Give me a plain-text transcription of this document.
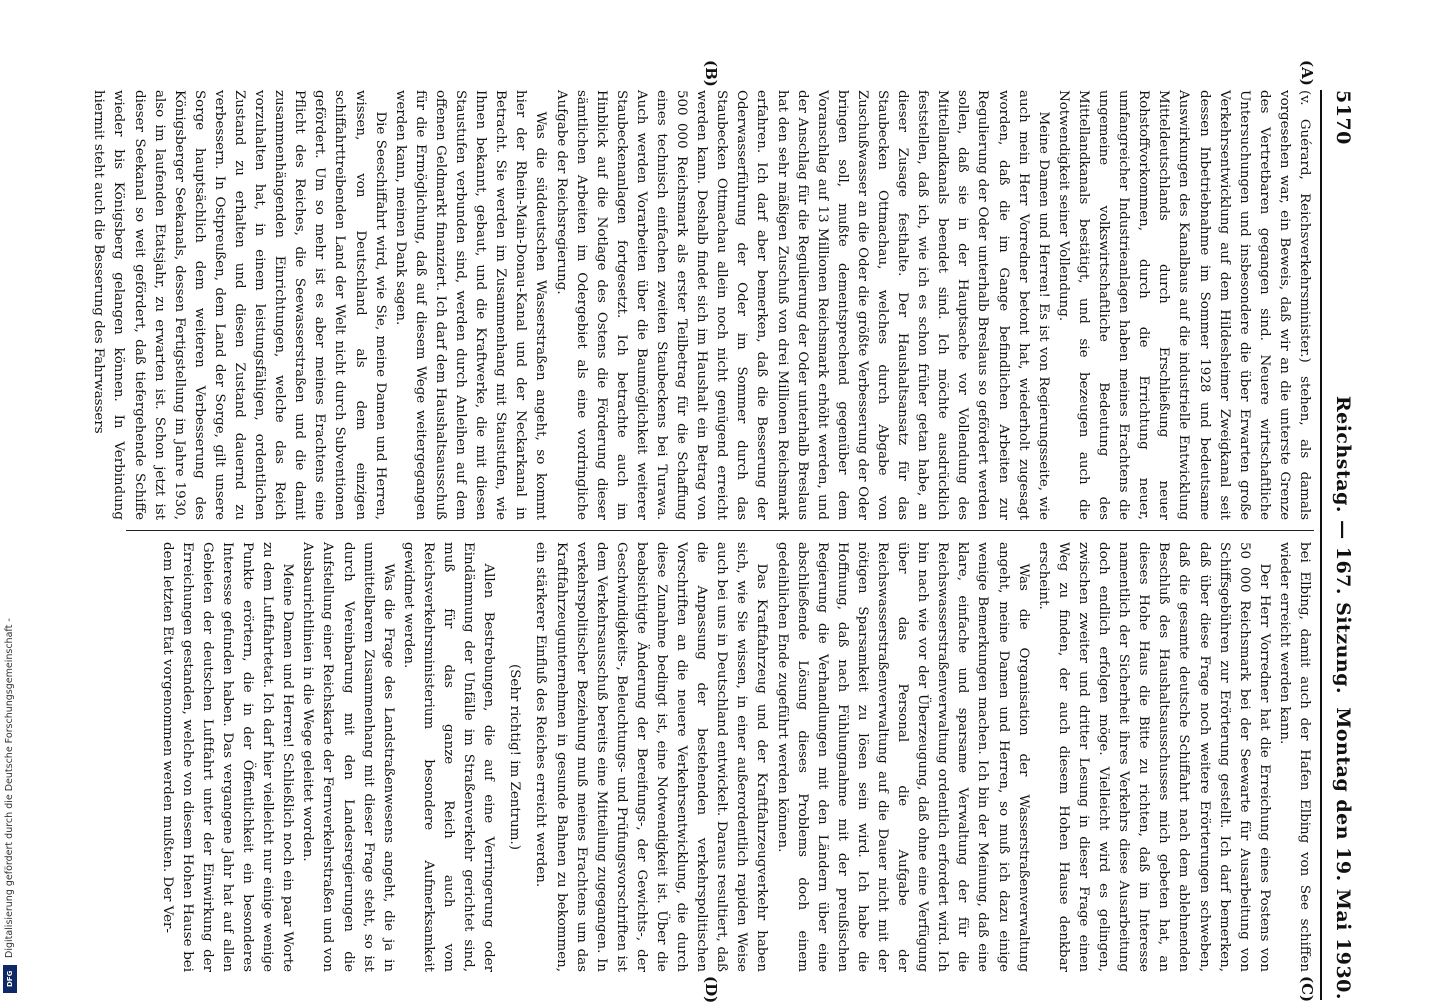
Digitalisierung gefördert durch die Deutsche Forschungsgemeinschaft -
DFG
5170
Reichstag. — 167. Sitzung.
Montag den 19. Mai 1930.

(v. Guérard, Reichsverkehrsminister.) stehen, als damals vorgesehen war, ein Beweis, daß wir an die unterste Grenze des Vertretbaren gegangen sind. Neuere wirtschaftliche Untersuchungen und insbesondere die über Erwarten große Verkehrsentwicklung auf dem Hildesheimer Zweigkanal seit dessen Inbetriebnahme im Sommer 1928 und bedeutsame Auswirkungen des Kanalbaus auf die industrielle Entwicklung Mitteldeutschlands durch Erschließung neuer Rohstoffvorkommen, durch die Errichtung neuer, umfangreicher Industrieanlagen haben meines Erachtens die ungemeine volkswirtschaftliche Bedeutung des Mittellandkanals bestätigt, und sie bezeugen auch die Notwendigkeit seiner Vollendung.

Meine Damen und Herren! Es ist von Regierungsseite, wie auch mein Herr Vorredner betont hat, wiederholt zugesagt worden, daß die im Gange befindlichen Arbeiten zur Regulierung der Oder unterhalb Breslaus so gefördert werden sollen, daß sie in der Hauptsache vor Vollendung des Mittellandkanals beendet sind. Ich möchte ausdrücklich feststellen, daß ich, wie ich es schon früher getan habe, an dieser Zusage festhalte. Der Haushaltsansatz für das Staubecken Ottmachau, welches durch Abgabe von Zuschußwasser an die Oder die größte Verbesserung der Oder bringen soll, mußte dementsprechend gegenüber dem Voranschlag auf 13 Millionen Reichsmark erhöht werden, und der Anschlag für die Regulierung der Oder unterhalb Breslaus hat den sehr mäßigen Zuschuß von drei Millionen Reichsmark erfahren. Ich darf aber bemerken, daß die Besserung der Oderwasserführung der Oder im Sommer durch das Staubecken Ottmachau allein noch nicht genügend erreicht werden kann. Deshalb findet sich im Haushalt ein Betrag von 500 000 Reichsmark als erster Teilbetrag für die Schaffung eines technisch einfachen zweiten Staubeckens bei Turawa. Auch werden Vorarbeiten über die Baumöglichkeit weiterer Staubeckenanlagen fortgesetzt. Ich betrachte auch im Hinblick auf die Notlage des Ostens die Förderung dieser sämtlichen Arbeiten im Odergebiet als eine vordringliche Aufgabe der Reichsregierung.

Was die süddeutschen Wasserstraßen angeht, so kommt hier der Rhein-Main-Donau-Kanal und der Neckarkanal in Betracht. Sie werden im Zusammenhang mit Staustufen, wie Ihnen bekannt, gebaut, und die Kraftwerke, die mit diesen Staustufen verbunden sind, werden durch Anleihen auf dem offenen Geldmarkt finanziert. Ich darf dem Haushaltsausschuß für die Ermöglichung, daß auf diesem Wege weitergegangen werden kann, meinen Dank sagen.

Die Seeschiffahrt wird, wie Sie, meine Damen und Herren, wissen, von Deutschland als dem einzigen schiffahrttreibenden Land der Welt nicht durch Subventionen gefördert. Um so mehr ist es aber meines Erachtens eine Pflicht des Reiches, die Seewasserstraßen und die damit zusammenhängenden Einrichtungen, welche das Reich vorzuhalten hat, in einem leistungsfähigen, ordentlichen Zustand zu erhalten und diesen Zustand dauernd zu verbessern. In Ostpreußen, dem Land der Sorge, gilt unsere Sorge hauptsächlich dem weiteren Verbesserung des Königsberger Seekanals, dessen Fertigstellung im Jahre 1930, also im laufenden Etatsjahr, zu erwarten ist. Schon jetzt ist dieser Seekanal so weit gefördert, daß tiefergehende Schiffe wieder bis Königsberg gelangen können. In Verbindung hiermit steht auch die Besserung des Fahrwassers

bei Elbing, damit auch der Hafen Elbing von See schiffen wieder erreicht werden kann.

Der Herr Vorredner hat die Erreichung eines Postens von 50 000 Reichsmark bei der Seewarte für Ausarbeitung von Schiffsgebühren zur Erörterung gestellt. Ich darf bemerken, daß über diese Frage noch weitere Erörterungen schweben, daß die gesamte deutsche Schiffahrt nach dem ablehnenden Beschluß des Haushaltsausschusses mich gebeten hat, an dieses Hohe Haus die Bitte zu richten, daß im Interesse namentlich der Sicherheit ihres Verkehrs diese Ausarbeitung doch endlich erfolgen möge. Vielleicht wird es gelingen, zwischen zweiter und dritter Lesung in dieser Frage einen Weg zu finden, der auch diesem Hohen Hause denkbar erscheint.

Was die Organisation der Wasserstraßenverwaltung angeht, meine Damen und Herren, so muß ich dazu einige wenige Bemerkungen machen. Ich bin der Meinung, daß eine klare, einfache und sparsame Verwaltung der für die Reichswasserstraßenverwaltung ordentlich erfordert wird. Ich bin nach wie vor der Überzeugung, daß ohne eine Verfügung über das Personal die Aufgabe der Reichswasserstraßenverwaltung auf die Dauer nicht mit der nötigen Sparsamkeit zu lösen sein wird. Ich habe die Hoffnung, daß nach Fühlungnahme mit der preußischen Regierung die Verhandlungen mit den Ländern über eine abschließende Lösung dieses Problems doch einem gedeihlichen Ende zugeführt werden können.

Das Kraftfahrzeug und der Kraftfahrzeugverkehr haben sich, wie Sie wissen, in einer außerordentlich rapiden Weise auch bei uns in Deutschland entwickelt. Daraus resultiert, daß die Anpassung der bestehenden verkehrspolitischen Vorschriften an die neuere Verkehrsentwicklung, die durch diese Zunahme bedingt ist, eine Notwendigkeit ist. Über die beabsichtigte Änderung der Bereifungs-, der Gewichts-, der Geschwindigkeits-, Beleuchtungs- und Prüfungsvorschriften ist dem Verkehrsausschuß bereits eine Mitteilung zugegangen. In verkehrspolitischer Beziehung muß meines Erachtens um das Kraftfahrzeugunternehmen in gesunde Bahnen zu bekommen, ein stärkerer Einfluß des Reiches erreicht werden.

(Sehr richtig! im Zentrum.)

Allen Bestrebungen, die auf eine Verringerung oder Eindämmung der Unfälle im Straßenverkehr gerichtet sind, muß für das ganze Reich auch vom Reichsverkehrsministerium besondere Aufmerksamkeit gewidmet werden.

Was die Frage des Landstraßenwesens angeht, die ja in unmittelbarem Zusammenhang mit dieser Frage steht, so ist durch Vereinbarung mit den Landesregierungen die Aufstellung einer Reichskarte der Fernverkehrstraßen und von Ausbaurichtlinien in die Wege geleitet worden.

Meine Damen und Herren! Schließlich noch ein paar Worte zu dem Luftfahrtetat. Ich darf hier vielleicht nur einige wenige Punkte erörtern, die in der Öffentlichkeit ein besonderes Interesse gefunden haben. Das vergangene Jahr hat auf allen Gebieten der deutschen Luftfahrt unter der Einwirkung der Erreichungen gestanden, welche von diesem Hohen Hause bei dem letzten Etat vorgenommen werden mußten. Der Ver-

(A)
(B)
(C)
(D)
